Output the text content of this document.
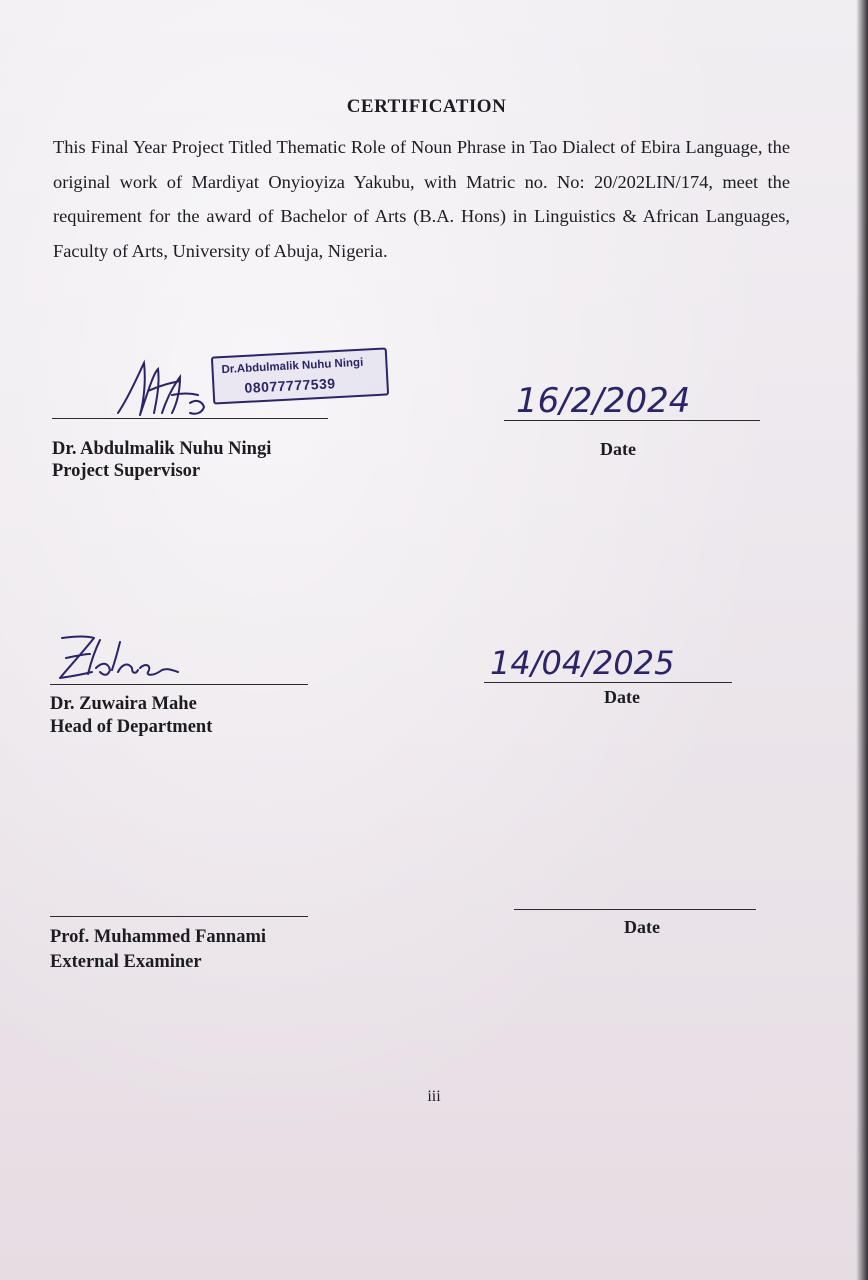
CERTIFICATION
This Final Year Project Titled Thematic Role of Noun Phrase in Tao Dialect of Ebira Language, the original work of Mardiyat Onyioyiza Yakubu, with Matric no. No: 20/202LIN/174, meet the requirement for the award of Bachelor of Arts (B.A. Hons) in Linguistics & African Languages, Faculty of Arts, University of Abuja, Nigeria.
Dr.Abdulmalik Nuhu Ningi
08077777539
Dr. Abdulmalik Nuhu Ningi
Project Supervisor
16/2/2024
Date
Dr. Zuwaira Mahe
Head of Department
14/04/2025
Date
Prof. Muhammed Fannami
External Examiner
Date
iii
